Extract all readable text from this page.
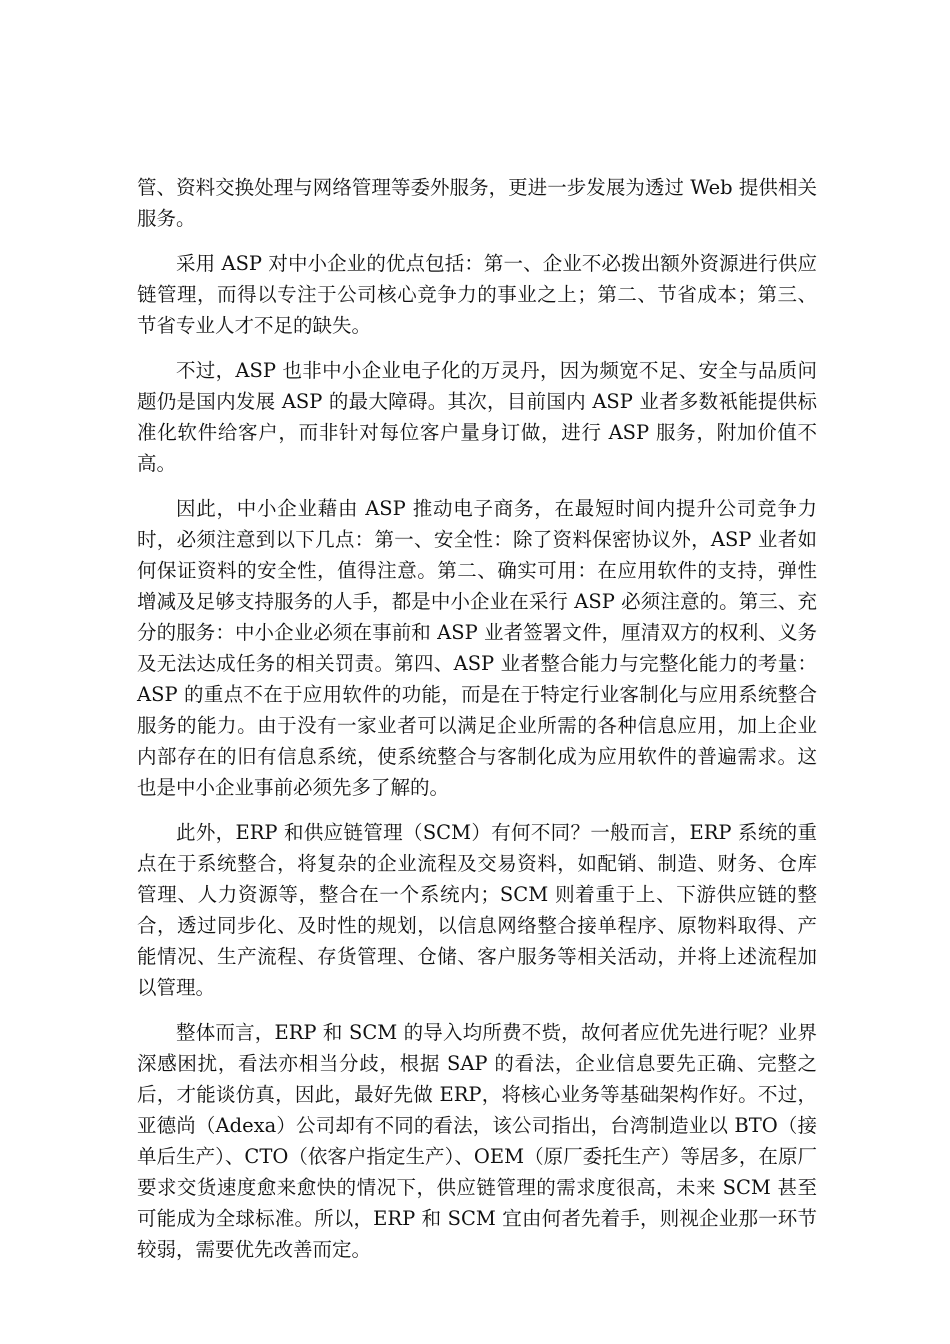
管、资料交换处理与网络管理等委外服务，更进一步发展为透过 Web 提供相关服务。

采用 ASP 对中小企业的优点包括：第一、企业不必拨出额外资源进行供应链管理，而得以专注于公司核心竞争力的事业之上；第二、节省成本；第三、节省专业人才不足的缺失。

不过，ASP 也非中小企业电子化的万灵丹，因为频宽不足、安全与品质问题仍是国内发展 ASP 的最大障碍。其次，目前国内 ASP 业者多数衹能提供标准化软件给客户，而非针对每位客户量身订做，进行 ASP 服务，附加价值不高。

因此，中小企业藉由 ASP 推动电子商务，在最短时间内提升公司竞争力时，必须注意到以下几点：第一、安全性：除了资料保密协议外，ASP 业者如何保证资料的安全性，值得注意。第二、确实可用：在应用软件的支持，弹性增减及足够支持服务的人手，都是中小企业在采行 ASP 必须注意的。第三、充分的服务：中小企业必须在事前和 ASP 业者签署文件，厘清双方的权利、义务及无法达成任务的相关罚责。第四、ASP 业者整合能力与完整化能力的考量：ASP 的重点不在于应用软件的功能，而是在于特定行业客制化与应用系统整合服务的能力。由于没有一家业者可以满足企业所需的各种信息应用，加上企业内部存在的旧有信息系统，使系统整合与客制化成为应用软件的普遍需求。这也是中小企业事前必须先多了解的。

此外，ERP 和供应链管理（SCM）有何不同？一般而言，ERP 系统的重点在于系统整合，将复杂的企业流程及交易资料，如配销、制造、财务、仓库管理、人力资源等，整合在一个系统内；SCM 则着重于上、下游供应链的整合，透过同步化、及时性的规划，以信息网络整合接单程序、原物料取得、产能情况、生产流程、存货管理、仓储、客户服务等相关活动，并将上述流程加以管理。

整体而言，ERP 和 SCM 的导入均所费不赀，故何者应优先进行呢？业界深感困扰，看法亦相当分歧，根据 SAP 的看法，企业信息要先正确、完整之后，才能谈仿真，因此，最好先做 ERP，将核心业务等基础架构作好。不过，亚德尚（Adexa）公司却有不同的看法，该公司指出，台湾制造业以 BTO（接单后生产）、CTO（依客户指定生产）、OEM（原厂委托生产）等居多，在原厂要求交货速度愈来愈快的情况下，供应链管理的需求度很高，未来 SCM 甚至可能成为全球标准。所以，ERP 和 SCM 宜由何者先着手，则视企业那一环节较弱，需要优先改善而定。
